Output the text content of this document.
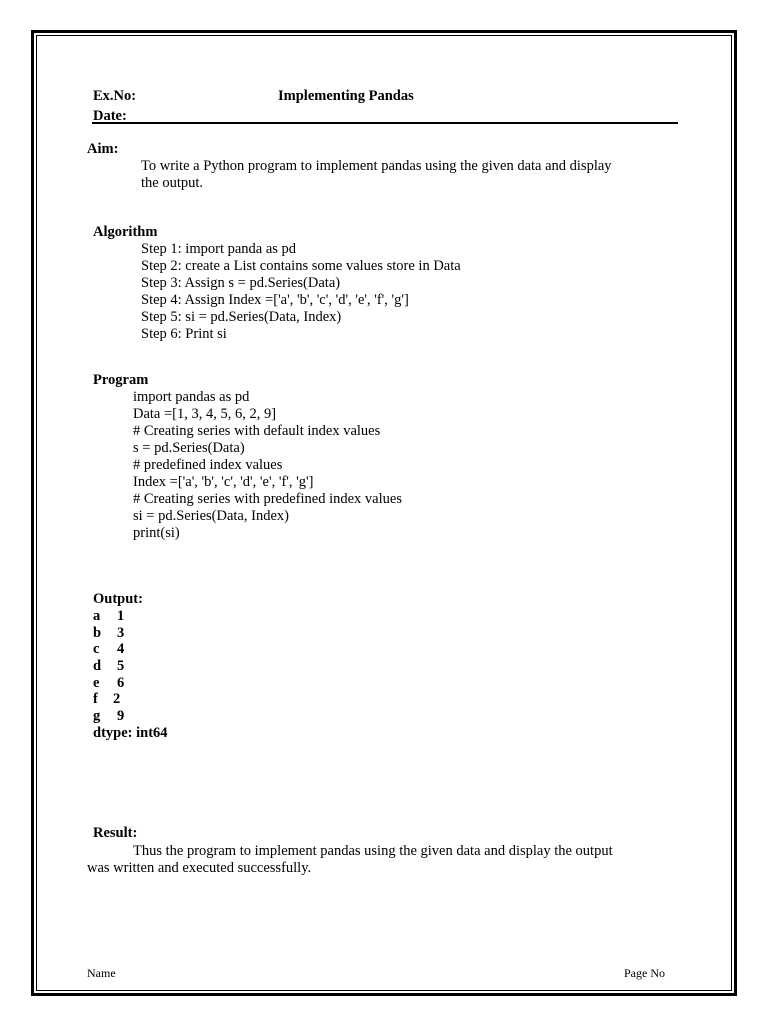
Ex.No:	Implementing Pandas
Date:
Aim:
To write a Python program to implement pandas using the given data and display
the output.
Algorithm
Step 1: import panda as pd
Step 2: create a List contains some values store in Data
Step 3: Assign s = pd.Series(Data)
Step 4: Assign Index =['a', 'b', 'c', 'd', 'e', 'f', 'g']
Step 5: si = pd.Series(Data, Index)
Step 6: Print si
Program
import pandas as pd
Data =[1, 3, 4, 5, 6, 2, 9]
# Creating series with default index values
s = pd.Series(Data)
# predefined index values
Index =['a', 'b', 'c', 'd', 'e', 'f', 'g']
# Creating series with predefined index values
si = pd.Series(Data, Index)
print(si)
Output:
a 1
b 3
c 4
d 5
e 6
f 2
g 9
dtype: int64
Result:
Thus the program to implement pandas using the given data and display the output
was written and executed successfully.
Name	Page No
